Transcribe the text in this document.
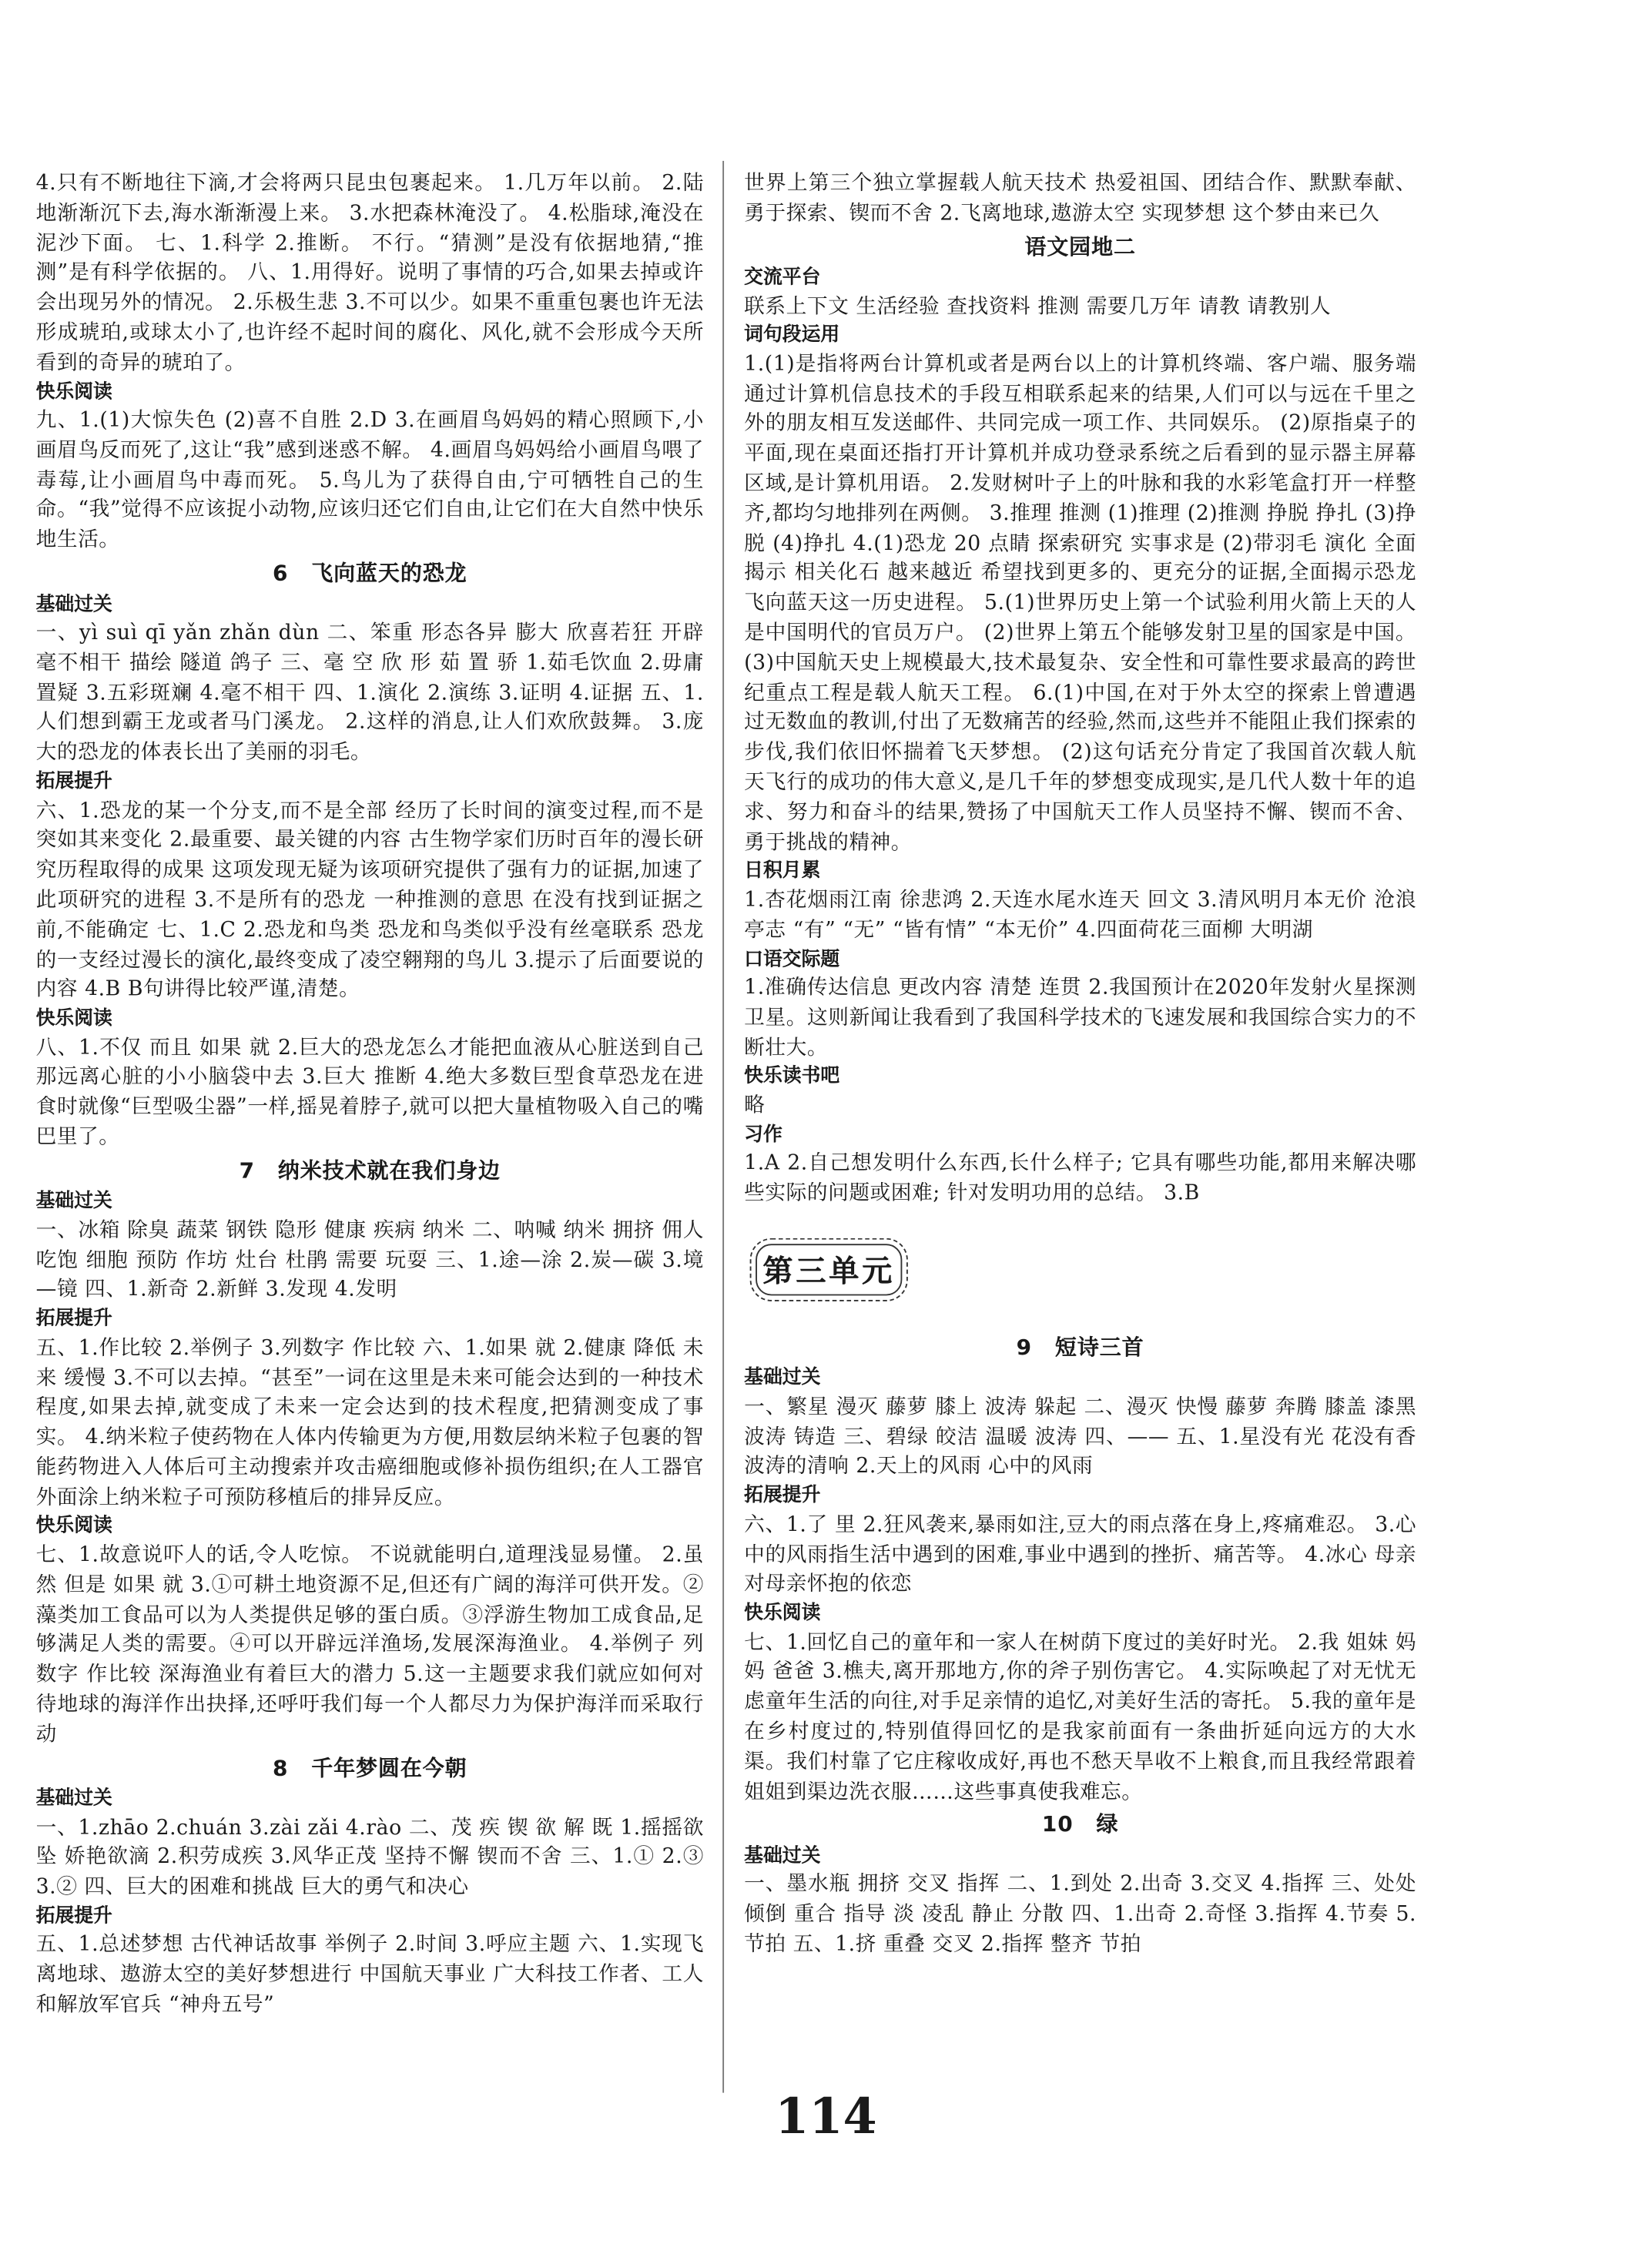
4.只有不断地往下滴,才会将两只昆虫包裹起来。 1.几万年以前。 2.陆地渐渐沉下去,海水渐渐漫上来。 3.水把森林淹没了。 4.松脂球,淹没在泥沙下面。 七、1.科学 2.推断。 不行。“猜测”是没有依据地猜,“推测”是有科学依据的。 八、1.用得好。说明了事情的巧合,如果去掉或许会出现另外的情况。 2.乐极生悲 3.不可以少。如果不重重包裹也许无法形成琥珀,或球太小了,也许经不起时间的腐化、风化,就不会形成今天所看到的奇异的琥珀了。

快乐阅读

九、1.(1)大惊失色 (2)喜不自胜 2.D 3.在画眉鸟妈妈的精心照顾下,小画眉鸟反而死了,这让“我”感到迷惑不解。 4.画眉鸟妈妈给小画眉鸟喂了毒莓,让小画眉鸟中毒而死。 5.鸟儿为了获得自由,宁可牺牲自己的生命。“我”觉得不应该捉小动物,应该归还它们自由,让它们在大自然中快乐地生活。

6 飞向蓝天的恐龙

基础过关

一、yì suì qī yǎn zhǎn dùn 二、笨重 形态各异 膨大 欣喜若狂 开辟 毫不相干 描绘 隧道 鸽子 三、毫 空 欣 形 茹 置 骄 1.茹毛饮血 2.毋庸置疑 3.五彩斑斓 4.毫不相干 四、1.演化 2.演练 3.证明 4.证据 五、1.人们想到霸王龙或者马门溪龙。 2.这样的消息,让人们欢欣鼓舞。 3.庞大的恐龙的体表长出了美丽的羽毛。

拓展提升

六、1.恐龙的某一个分支,而不是全部 经历了长时间的演变过程,而不是突如其来变化 2.最重要、最关键的内容 古生物学家们历时百年的漫长研究历程取得的成果 这项发现无疑为该项研究提供了强有力的证据,加速了此项研究的进程 3.不是所有的恐龙 一种推测的意思 在没有找到证据之前,不能确定 七、1.C 2.恐龙和鸟类 恐龙和鸟类似乎没有丝毫联系 恐龙的一支经过漫长的演化,最终变成了凌空翱翔的鸟儿 3.提示了后面要说的内容 4.B B句讲得比较严谨,清楚。

快乐阅读

八、1.不仅 而且 如果 就 2.巨大的恐龙怎么才能把血液从心脏送到自己那远离心脏的小小脑袋中去 3.巨大 推断 4.绝大多数巨型食草恐龙在进食时就像“巨型吸尘器”一样,摇晃着脖子,就可以把大量植物吸入自己的嘴巴里了。

7 纳米技术就在我们身边

基础过关

一、冰箱 除臭 蔬菜 钢铁 隐形 健康 疾病 纳米 二、呐喊 纳米 拥挤 佣人 吃饱 细胞 预防 作坊 灶台 杜鹃 需要 玩耍 三、1.途—涂 2.炭—碳 3.境—镜 四、1.新奇 2.新鲜 3.发现 4.发明

拓展提升

五、1.作比较 2.举例子 3.列数字 作比较 六、1.如果 就 2.健康 降低 未来 缓慢 3.不可以去掉。“甚至”一词在这里是未来可能会达到的一种技术程度,如果去掉,就变成了未来一定会达到的技术程度,把猜测变成了事实。 4.纳米粒子使药物在人体内传输更为方便,用数层纳米粒子包裹的智能药物进入人体后可主动搜索并攻击癌细胞或修补损伤组织;在人工器官外面涂上纳米粒子可预防移植后的排异反应。

快乐阅读

七、1.故意说吓人的话,令人吃惊。 不说就能明白,道理浅显易懂。 2.虽然 但是 如果 就 3.①可耕土地资源不足,但还有广阔的海洋可供开发。②藻类加工食品可以为人类提供足够的蛋白质。③浮游生物加工成食品,足够满足人类的需要。④可以开辟远洋渔场,发展深海渔业。 4.举例子 列数字 作比较 深海渔业有着巨大的潜力 5.这一主题要求我们就应如何对待地球的海洋作出抉择,还呼吁我们每一个人都尽力为保护海洋而采取行动

8 千年梦圆在今朝

基础过关

一、1.zhāo 2.chuán 3.zài zǎi 4.rào 二、茂 疾 锲 欲 解 既 1.摇摇欲坠 娇艳欲滴 2.积劳成疾 3.风华正茂 坚持不懈 锲而不舍 三、1.① 2.③ 3.② 四、巨大的困难和挑战 巨大的勇气和决心

拓展提升

五、1.总述梦想 古代神话故事 举例子 2.时间 3.呼应主题 六、1.实现飞离地球、遨游太空的美好梦想进行 中国航天事业 广大科技工作者、工人和解放军官兵 “神舟五号”

世界上第三个独立掌握载人航天技术 热爱祖国、团结合作、默默奉献、勇于探索、锲而不舍 2.飞离地球,遨游太空 实现梦想 这个梦由来已久

语文园地二

交流平台

联系上下文 生活经验 查找资料 推测 需要几万年 请教 请教别人

词句段运用

1.(1)是指将两台计算机或者是两台以上的计算机终端、客户端、服务端通过计算机信息技术的手段互相联系起来的结果,人们可以与远在千里之外的朋友相互发送邮件、共同完成一项工作、共同娱乐。 (2)原指桌子的平面,现在桌面还指打开计算机并成功登录系统之后看到的显示器主屏幕区域,是计算机用语。 2.发财树叶子上的叶脉和我的水彩笔盒打开一样整齐,都均匀地排列在两侧。 3.推理 推测 (1)推理 (2)推测 挣脱 挣扎 (3)挣脱 (4)挣扎 4.(1)恐龙 20 点睛 探索研究 实事求是 (2)带羽毛 演化 全面揭示 相关化石 越来越近 希望找到更多的、更充分的证据,全面揭示恐龙飞向蓝天这一历史进程。 5.(1)世界历史上第一个试验利用火箭上天的人是中国明代的官员万户。 (2)世界上第五个能够发射卫星的国家是中国。 (3)中国航天史上规模最大,技术最复杂、安全性和可靠性要求最高的跨世纪重点工程是载人航天工程。 6.(1)中国,在对于外太空的探索上曾遭遇过无数血的教训,付出了无数痛苦的经验,然而,这些并不能阻止我们探索的步伐,我们依旧怀揣着飞天梦想。 (2)这句话充分肯定了我国首次载人航天飞行的成功的伟大意义,是几千年的梦想变成现实,是几代人数十年的追求、努力和奋斗的结果,赞扬了中国航天工作人员坚持不懈、锲而不舍、勇于挑战的精神。

日积月累

1.杏花烟雨江南 徐悲鸿 2.天连水尾水连天 回文 3.清风明月本无价 沧浪亭志 “有” “无” “皆有情” “本无价” 4.四面荷花三面柳 大明湖

口语交际题

1.准确传达信息 更改内容 清楚 连贯 2.我国预计在2020年发射火星探测卫星。这则新闻让我看到了我国科学技术的飞速发展和我国综合实力的不断壮大。

快乐读书吧

略

习作

1.A 2.自己想发明什么东西,长什么样子; 它具有哪些功能,都用来解决哪些实际的问题或困难; 针对发明功用的总结。 3.B

第三单元

9 短诗三首

基础过关

一、繁星 漫灭 藤萝 膝上 波涛 躲起 二、漫灭 快慢 藤萝 奔腾 膝盖 漆黑 波涛 铸造 三、碧绿 皎洁 温暖 波涛 四、—— 五、1.星没有光 花没有香 波涛的清响 2.天上的风雨 心中的风雨

拓展提升

六、1.了 里 2.狂风袭来,暴雨如注,豆大的雨点落在身上,疼痛难忍。 3.心中的风雨指生活中遇到的困难,事业中遇到的挫折、痛苦等。 4.冰心 母亲 对母亲怀抱的依恋

快乐阅读

七、1.回忆自己的童年和一家人在树荫下度过的美好时光。 2.我 姐妹 妈妈 爸爸 3.樵夫,离开那地方,你的斧子别伤害它。 4.实际唤起了对无忧无虑童年生活的向往,对手足亲情的追忆,对美好生活的寄托。 5.我的童年是在乡村度过的,特别值得回忆的是我家前面有一条曲折延向远方的大水渠。我们村靠了它庄稼收成好,再也不愁天旱收不上粮食,而且我经常跟着姐姐到渠边洗衣服……这些事真使我难忘。

10 绿

基础过关

一、墨水瓶 拥挤 交叉 指挥 二、1.到处 2.出奇 3.交叉 4.指挥 三、处处 倾倒 重合 指导 淡 凌乱 静止 分散 四、1.出奇 2.奇怪 3.指挥 4.节奏 5.节拍 五、1.挤 重叠 交叉 2.指挥 整齐 节拍

114
